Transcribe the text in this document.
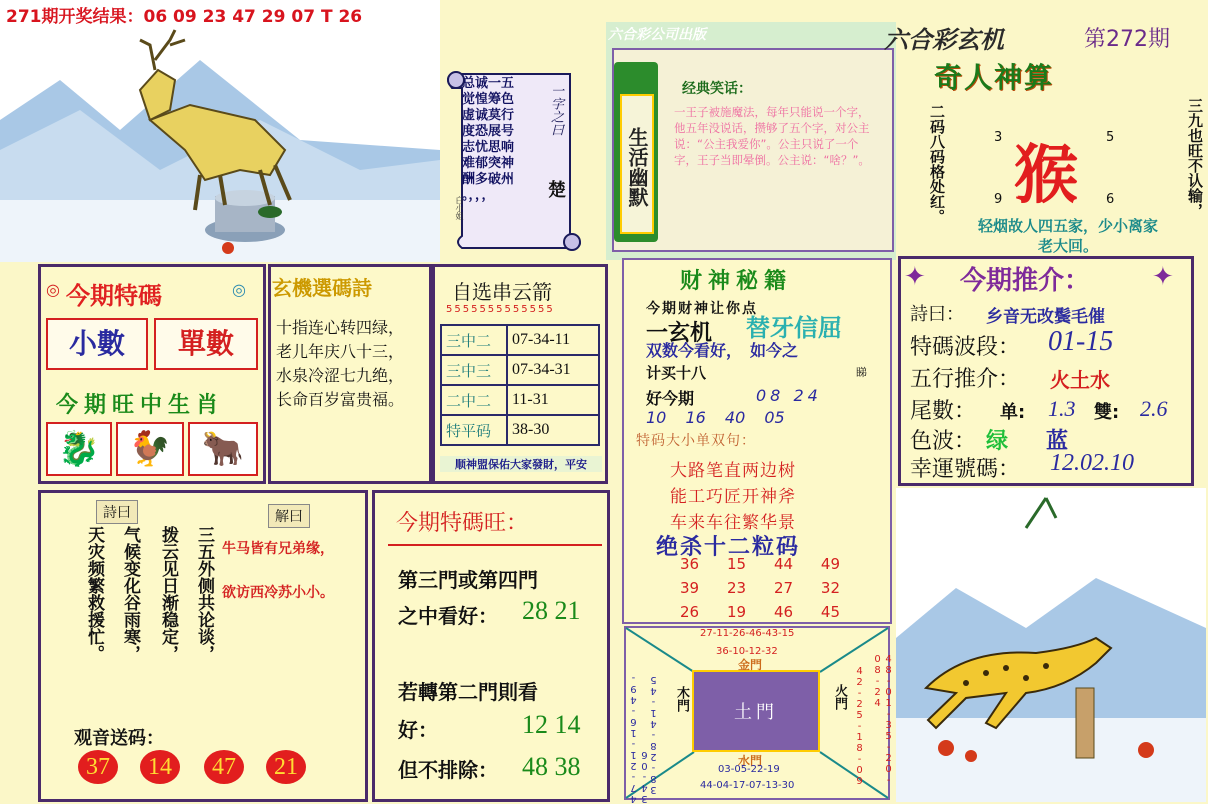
271期开奖结果：06 09 23 47 29 07 T 26
总诚一五
觉惶筹色
虚诚莫行
度恐展号
志忧思响
难郁突神
酬多破州
。，，，
一字之曰
楚
白小姐
六合彩公司出版
生活幽默
经典笑话：
一王子被施魔法，每年只能说一个字，他五年没说话，攒够了五个字，对公主说：“公主我爱你”。公主只说了一个字，王子当即晕倒。公主说：“啥？”。
六合彩玄机	第272期
奇人神算
二码八码格处红。	三九也旺不认输，
猴
3	5
9	6
轻烟故人四五家，少小离家老大回。
◎	◎
今期特碼
小數	單數
今期旺中生肖
🐉 🐓 🐂
玄機選碼詩
十指连心转四绿，
老儿年庆八十三，
水泉冷涩七九绝，
长命百岁富贵福。
自选串云箭
5555555555555
三中二	07-34-11
三中三	07-34-31
二中二	11-31
特平码	38-30
顺神盟保佑大家發財，平安
财神秘籍
今期财神让你点
一玄机 替牙信屈
双数今看好，　如今之
计买十八	睇
好今期	08 24
10 16 40 05
特码大小单双句：
大路笔直两边树
能工巧匠开神斧
车来车往繁华景
绝杀十二粒码
36 15 44 49
39 23 27 32
26 19 46 45
土門
27-11-26-46-43-15
36-10-12-32
金門
木門
47-21-16-49-34-06
38-28-41-45	火門	48-01-35-20-08-24
42-25-18-09
水門
03-05-22-19
44-04-17-07-13-30
✦	✦
今期推介：
詩曰： 乡音无改鬓毛催
特碼波段： 01-15
五行推介： 火土水
尾數： 单: 1.3 雙: 2.6
色波： 绿 蓝
幸運號碼： 12.02.10
詩曰	解曰
天灾频繁救援忙。 气候变化谷雨寒， 拨云见日渐稳定， 三五外侧共论谈， 牛马皆有兄弟缘，
欲访西冷苏小小。
观音送码：
37	14	47	21
今期特碼旺：
第三門或第四門
之中看好： 28 21
若轉第二門則看
好：	12 14
但不排除： 48 38
